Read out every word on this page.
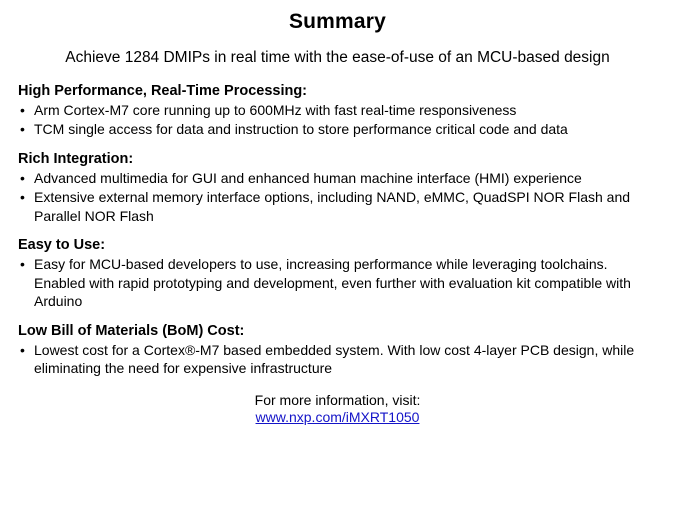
Summary
Achieve 1284 DMIPs in real time with the ease-of-use of an MCU-based design
High Performance, Real-Time Processing:
• Arm Cortex-M7 core running up to 600MHz with fast real-time responsiveness
• TCM single access for data and instruction to store performance critical code and data
Rich Integration:
• Advanced multimedia for GUI and enhanced human machine interface (HMI) experience
• Extensive external memory interface options, including NAND, eMMC, QuadSPI NOR Flash and Parallel NOR Flash
Easy to Use:
• Easy for MCU-based developers to use, increasing performance while leveraging toolchains. Enabled with rapid prototyping and development, even further with evaluation kit compatible with Arduino
Low Bill of Materials (BoM) Cost:
• Lowest cost for a Cortex®-M7 based embedded system. With low cost 4-layer PCB design, while eliminating the need for expensive infrastructure
For more information, visit:
www.nxp.com/iMXRT1050
